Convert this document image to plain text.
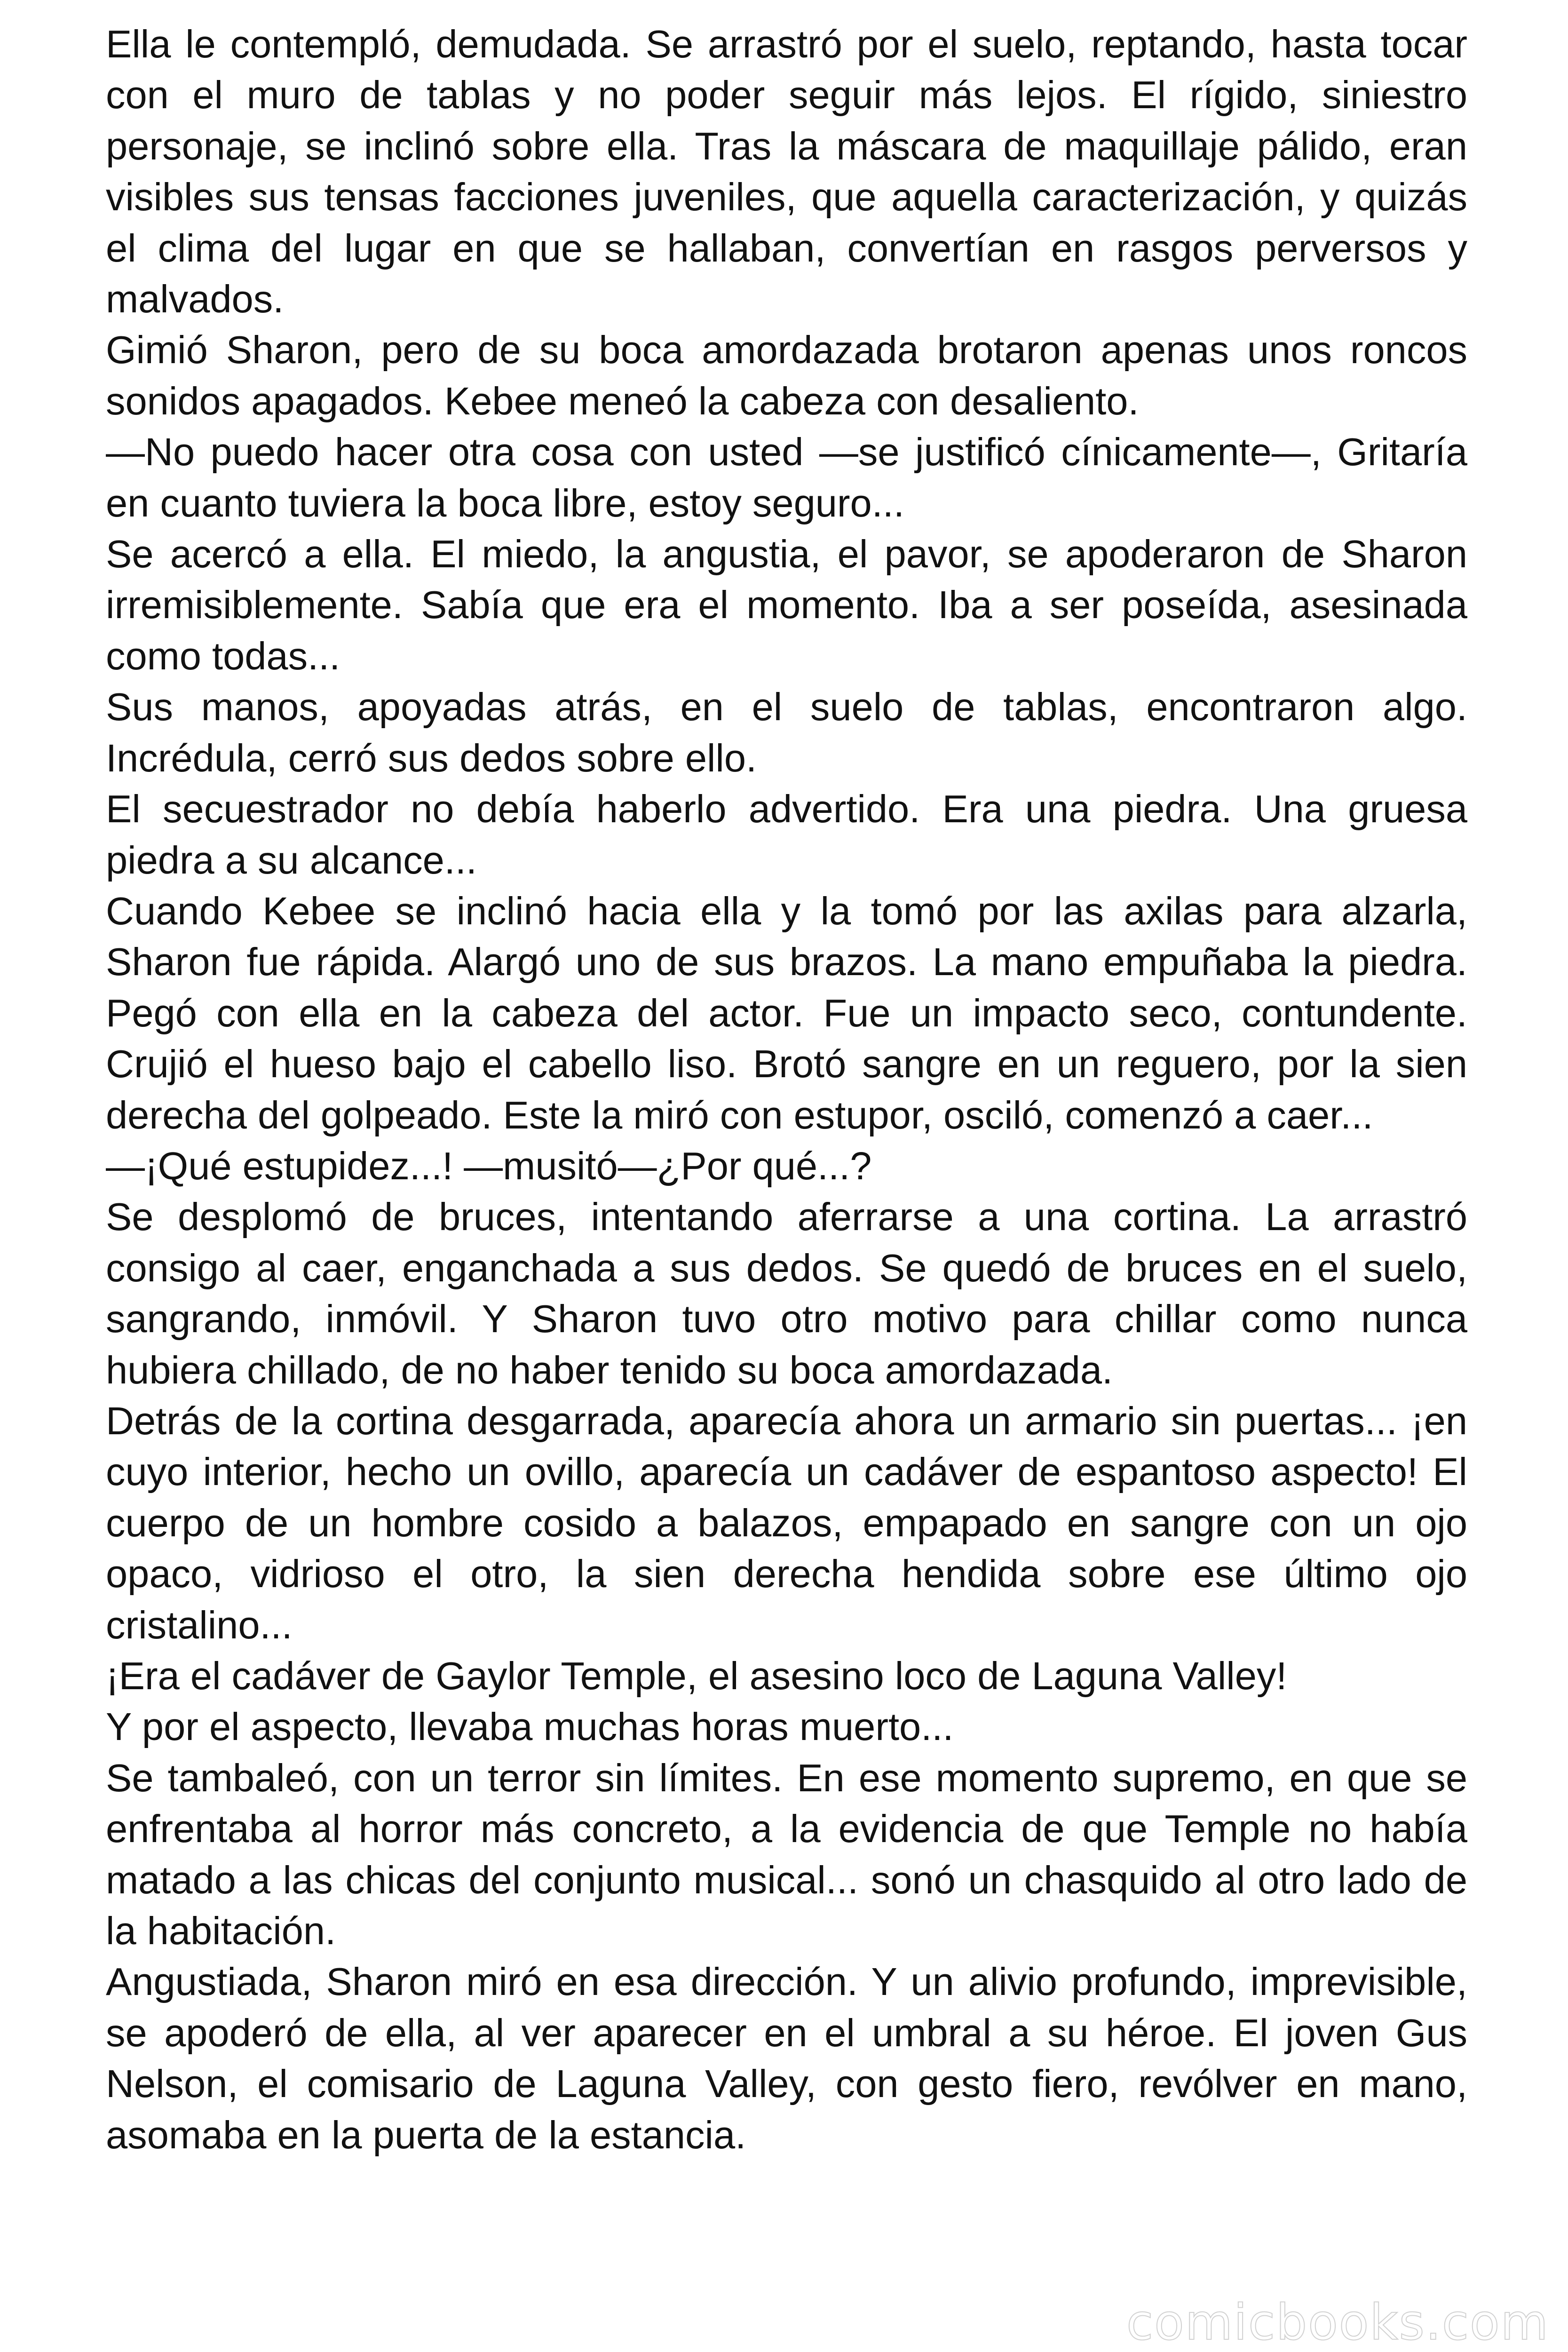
Ella le contempló, demudada. Se arrastró por el suelo, reptando, hasta tocar con el muro de tablas y no poder seguir más lejos. El rígido, siniestro personaje, se inclinó sobre ella. Tras la máscara de maquillaje pálido, eran visibles sus tensas facciones juveniles, que aquella caracterización, y quizás el clima del lugar en que se hallaban, convertían en rasgos perversos y malvados.

Gimió Sharon, pero de su boca amordazada brotaron apenas unos roncos sonidos apagados. Kebee meneó la cabeza con desaliento.

—No puedo hacer otra cosa con usted —se justificó cínicamente—, Gritaría en cuanto tuviera la boca libre, estoy seguro...

Se acercó a ella. El miedo, la angustia, el pavor, se apoderaron de Sharon irremisiblemente. Sabía que era el momento. Iba a ser poseída, asesinada como todas...

Sus manos, apoyadas atrás, en el suelo de tablas, encontraron algo. Incrédula, cerró sus dedos sobre ello.

El secuestrador no debía haberlo advertido. Era una piedra. Una gruesa piedra a su alcance...

Cuando Kebee se inclinó hacia ella y la tomó por las axilas para alzarla, Sharon fue rápida. Alargó uno de sus brazos. La mano empuñaba la piedra. Pegó con ella en la cabeza del actor. Fue un impacto seco, contundente. Crujió el hueso bajo el cabello liso. Brotó sangre en un reguero, por la sien derecha del golpeado. Este la miró con estupor, osciló, comenzó a caer...

—¡Qué estupidez...! —musitó—¿Por qué...?

Se desplomó de bruces, intentando aferrarse a una cortina. La arrastró consigo al caer, enganchada a sus dedos. Se quedó de bruces en el suelo, sangrando, inmóvil. Y Sharon tuvo otro motivo para chillar como nunca hubiera chillado, de no haber tenido su boca amordazada.

Detrás de la cortina desgarrada, aparecía ahora un armario sin puertas... ¡en cuyo interior, hecho un ovillo, aparecía un cadáver de espantoso aspecto! El cuerpo de un hombre cosido a balazos, empapado en sangre con un ojo opaco, vidrioso el otro, la sien derecha hendida sobre ese último ojo cristalino...

¡Era el cadáver de Gaylor Temple, el asesino loco de Laguna Valley!

Y por el aspecto, llevaba muchas horas muerto...

Se tambaleó, con un terror sin límites. En ese momento supremo, en que se enfrentaba al horror más concreto, a la evidencia de que Temple no había matado a las chicas del conjunto musical... sonó un chasquido al otro lado de la habitación.

Angustiada, Sharon miró en esa dirección. Y un alivio profundo, imprevisible, se apoderó de ella, al ver aparecer en el umbral a su héroe. El joven Gus Nelson, el comisario de Laguna Valley, con gesto fiero, revólver en mano, asomaba en la puerta de la estancia.

comicbooks.com
